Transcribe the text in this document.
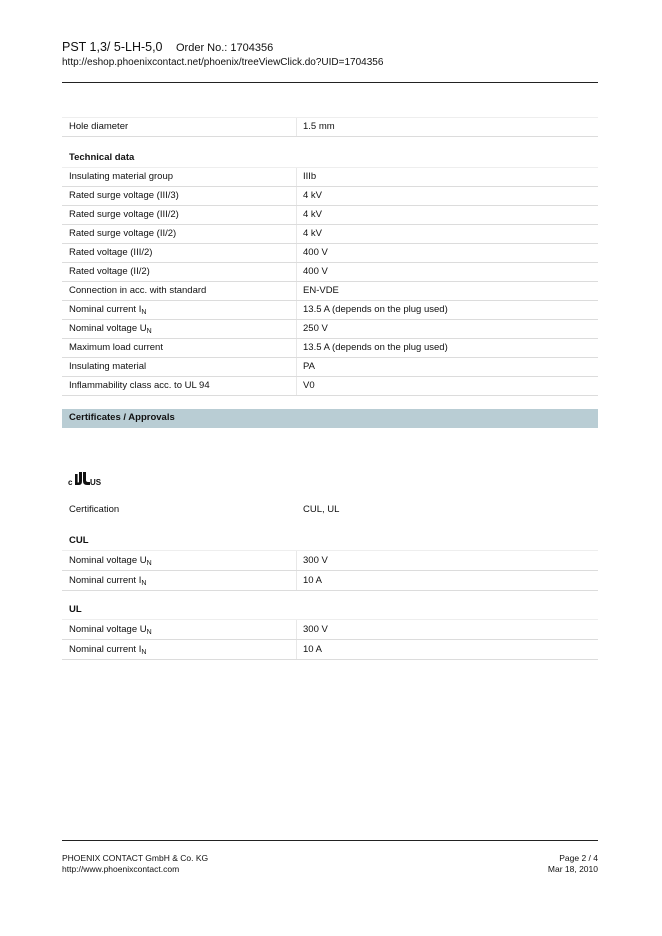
PST 1,3/ 5-LH-5,0 Order No.: 1704356
http://eshop.phoenixcontact.net/phoenix/treeViewClick.do?UID=1704356
Hole diameter	1.5 mm
Technical data
Insulating material group	IIIb
Rated surge voltage (III/3)	4 kV
Rated surge voltage (III/2)	4 kV
Rated surge voltage (II/2)	4 kV
Rated voltage (III/2)	400 V
Rated voltage (II/2)	400 V
Connection in acc. with standard	EN-VDE
Nominal current $I_N$	13.5 A (depends on the plug used)
Nominal voltage $U_N$	250 V
Maximum load current	13.5 A (depends on the plug used)
Insulating material	PA
Inflammability class acc. to UL 94	V0
Certificates / Approvals
c US
Certification	CUL, UL
CUL
Nominal voltage $U_N$	300 V
Nominal current $I_N$	10 A
UL
Nominal voltage $U_N$	300 V
Nominal current $I_N$	10 A
PHOENIX CONTACT GmbH & Co. KG
http://www.phoenixcontact.com
Page 2 / 4
Mar 18, 2010
